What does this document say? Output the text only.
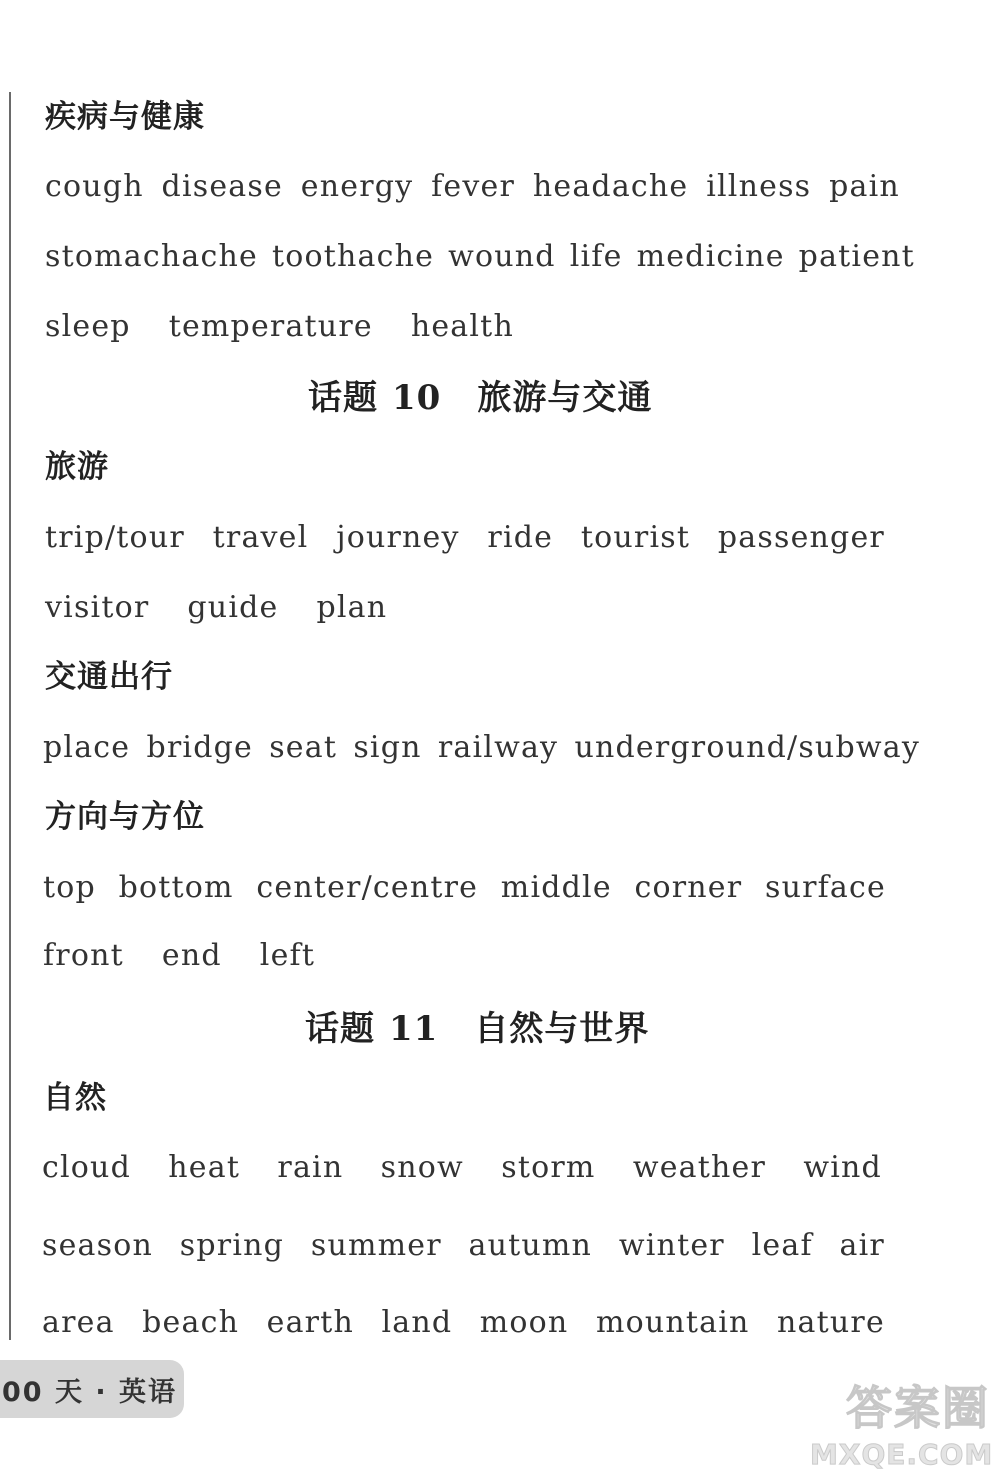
疾病与健康
cough disease energy fever headache illness pain
stomachache toothache wound life medicine patient
sleep temperature health
话题 10 旅游与交通
旅游
trip/tour travel journey ride tourist passenger
visitor guide plan
交通出行
place bridge seat sign railway underground/subway
方向与方位
top bottom center/centre middle corner surface
front end left
话题 11 自然与世界
自然
cloud heat rain snow storm weather wind
season spring summer autumn winter leaf air
area beach earth land moon mountain nature
00 天 · 英语	答案圈
MXQE.COM
